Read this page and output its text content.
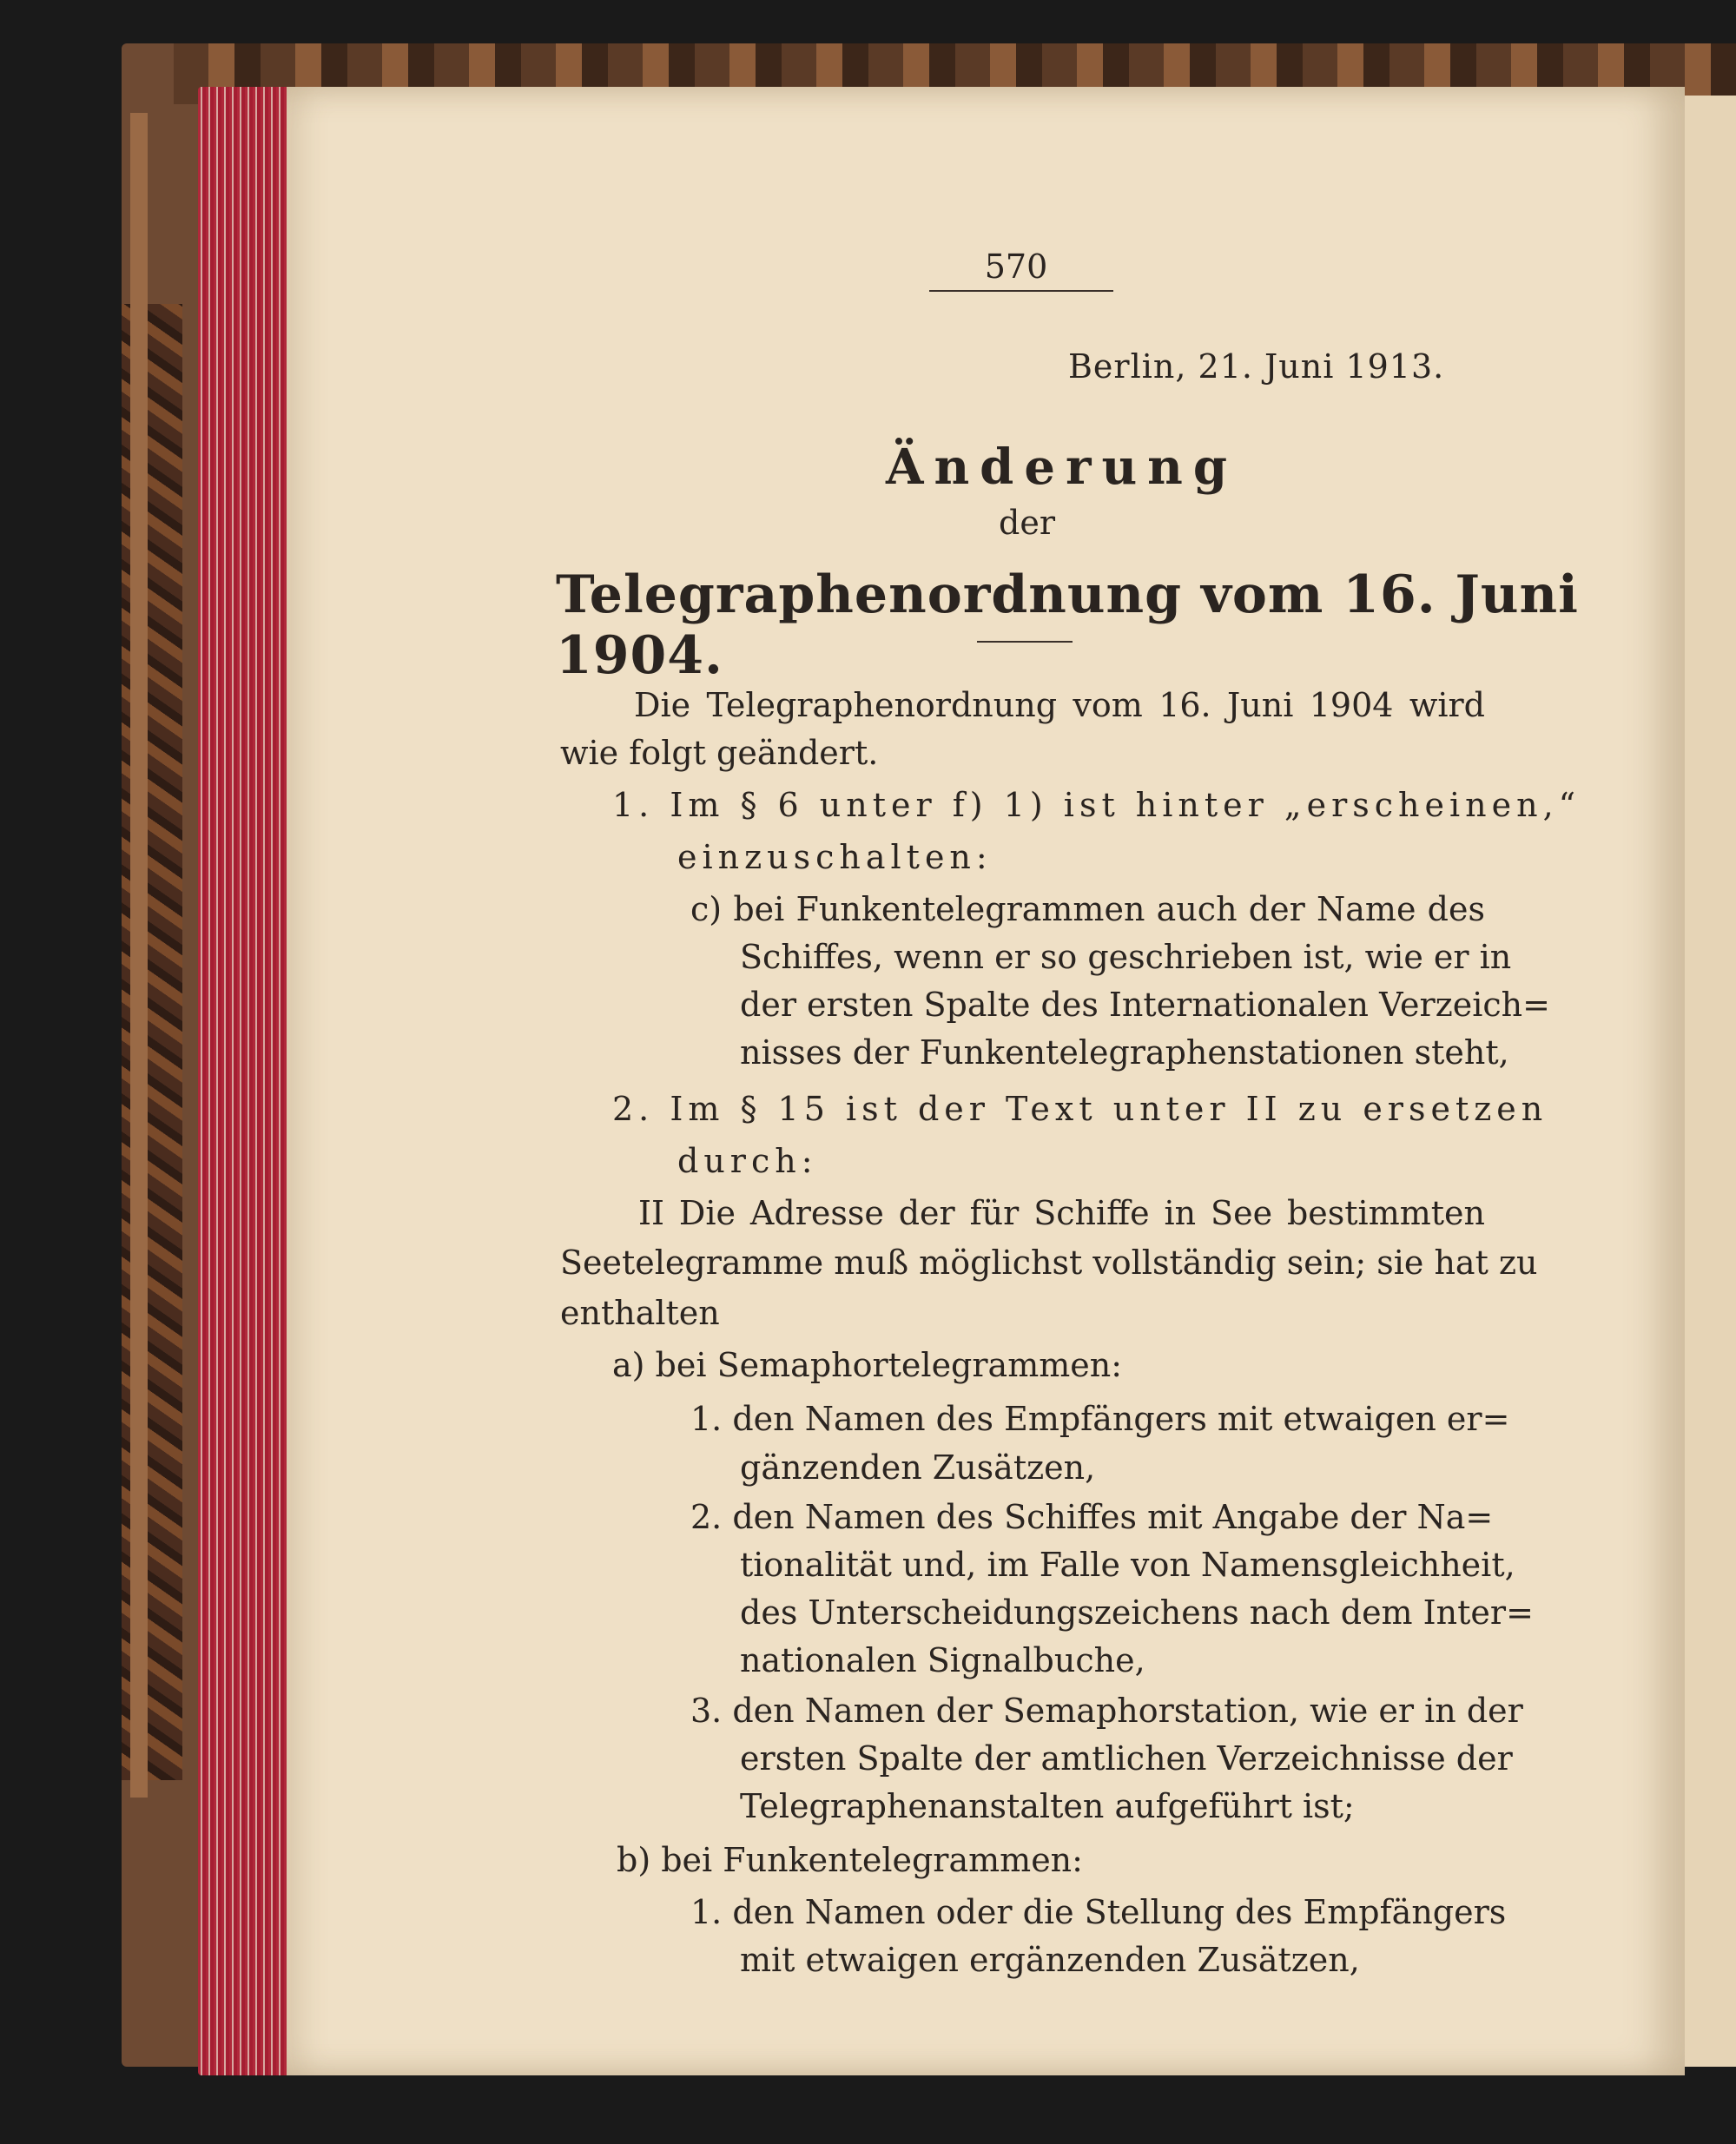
570
Berlin, 21. Juni 1913.
Änderung
der
Telegraphenordnung vom 16. Juni 1904.
Die Telegraphenordnung vom 16. Juni 1904 wird
wie folgt geändert.
1. Im § 6 unter f) 1) ist hinter „erscheinen,“
einzuschalten:
c) bei Funkentelegrammen auch der Name des
Schiffes, wenn er so geschrieben ist, wie er in
der ersten Spalte des Internationalen Verzeich=
nisses der Funkentelegraphenstationen steht,
2. Im § 15 ist der Text unter II zu ersetzen
durch:
II Die Adresse der für Schiffe in See bestimmten
Seetelegramme muß möglichst vollständig sein; sie hat zu
enthalten
a) bei Semaphortelegrammen:
1. den Namen des Empfängers mit etwaigen er=
gänzenden Zusätzen,
2. den Namen des Schiffes mit Angabe der Na=
tionalität und, im Falle von Namensgleichheit,
des Unterscheidungszeichens nach dem Inter=
nationalen Signalbuche,
3. den Namen der Semaphorstation, wie er in der
ersten Spalte der amtlichen Verzeichnisse der
Telegraphenanstalten aufgeführt ist;
b) bei Funkentelegrammen:
1. den Namen oder die Stellung des Empfängers
mit etwaigen ergänzenden Zusätzen,
